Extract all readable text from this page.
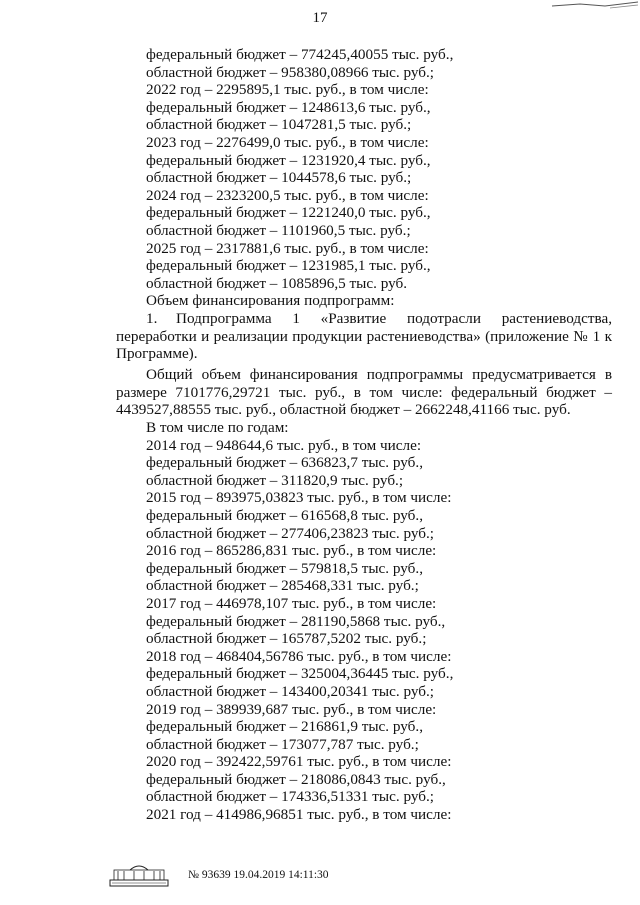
17
федеральный бюджет – 774245,40055 тыс. руб.,
областной бюджет – 958380,08966 тыс. руб.;
2022 год – 2295895,1 тыс. руб., в том числе:
федеральный бюджет – 1248613,6 тыс. руб.,
областной бюджет – 1047281,5 тыс. руб.;
2023 год – 2276499,0 тыс. руб., в том числе:
федеральный бюджет – 1231920,4 тыс. руб.,
областной бюджет – 1044578,6 тыс. руб.;
2024 год – 2323200,5 тыс. руб., в том числе:
федеральный бюджет – 1221240,0 тыс. руб.,
областной бюджет – 1101960,5 тыс. руб.;
2025 год – 2317881,6 тыс. руб., в том числе:
федеральный бюджет – 1231985,1 тыс. руб.,
областной бюджет – 1085896,5 тыс. руб.
Объем финансирования подпрограмм:
1. Подпрограмма 1 «Развитие подотрасли растениеводства, переработки и реализации продукции растениеводства» (приложение № 1 к Программе).
Общий объем финансирования подпрограммы предусматривается в размере 7101776,29721 тыс. руб., в том числе: федеральный бюджет – 4439527,88555 тыс. руб., областной бюджет – 2662248,41166 тыс. руб.
В том числе по годам:
2014 год – 948644,6 тыс. руб., в том числе:
федеральный бюджет – 636823,7 тыс. руб.,
областной бюджет – 311820,9 тыс. руб.;
2015 год – 893975,03823 тыс. руб., в том числе:
федеральный бюджет – 616568,8 тыс. руб.,
областной бюджет – 277406,23823 тыс. руб.;
2016 год – 865286,831 тыс. руб., в том числе:
федеральный бюджет – 579818,5 тыс. руб.,
областной бюджет – 285468,331 тыс. руб.;
2017 год – 446978,107 тыс. руб., в том числе:
федеральный бюджет – 281190,5868 тыс. руб.,
областной бюджет – 165787,5202 тыс. руб.;
2018 год – 468404,56786 тыс. руб., в том числе:
федеральный бюджет – 325004,36445 тыс. руб.,
областной бюджет – 143400,20341 тыс. руб.;
2019 год – 389939,687 тыс. руб., в том числе:
федеральный бюджет – 216861,9 тыс. руб.,
областной бюджет – 173077,787 тыс. руб.;
2020 год – 392422,59761 тыс. руб., в том числе:
федеральный бюджет – 218086,0843 тыс. руб.,
областной бюджет – 174336,51331 тыс. руб.;
2021 год – 414986,96851 тыс. руб., в том числе:
№ 93639 19.04.2019 14:11:30
